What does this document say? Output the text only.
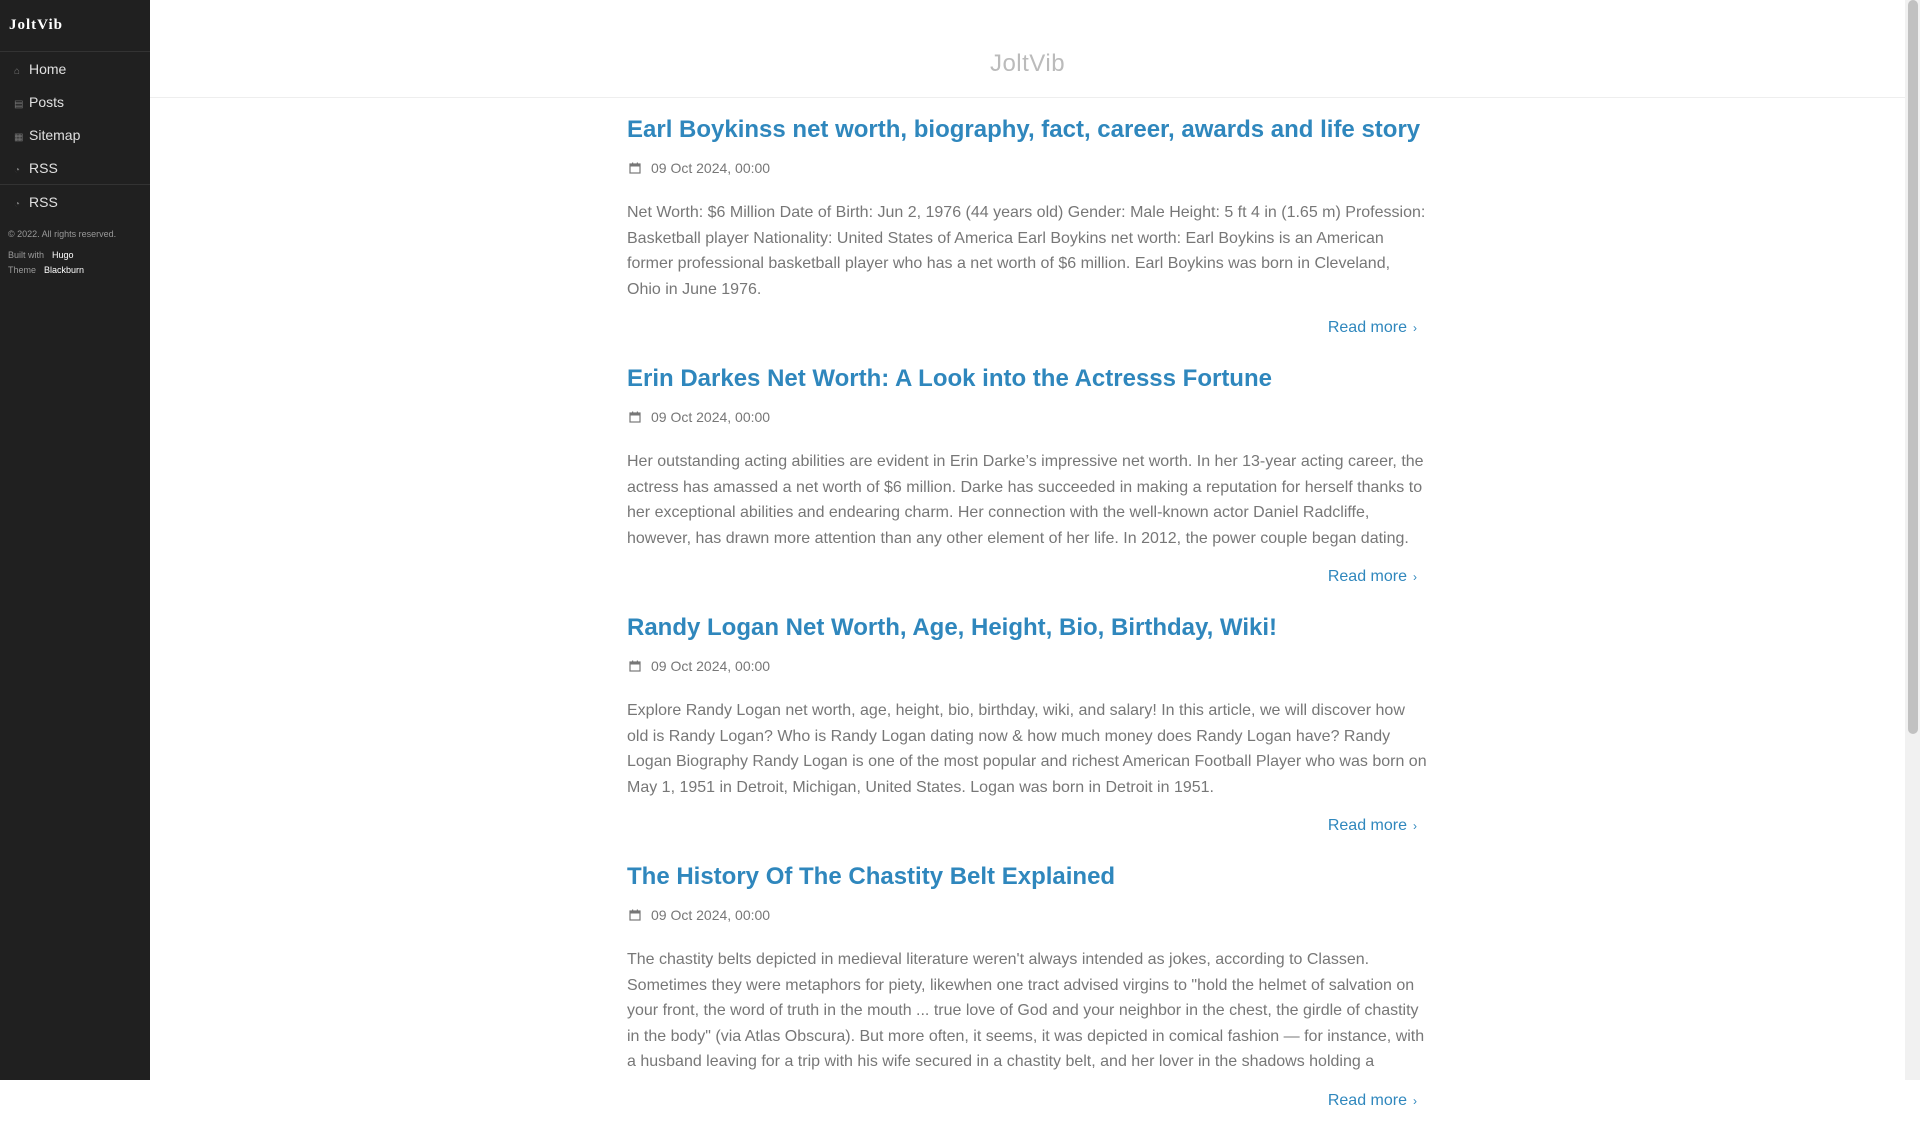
JoltVib
⌂ Home
▤ Posts
▦ Sitemap
◔ RSS
◔ RSS
© 2022. All rights reserved.
Built with Hugo
Theme Blackburn
JoltVib
Earl Boykinss net worth, biography, fact, career, awards and life story
09 Oct 2024, 00:00
Net Worth: $6 Million Date of Birth: Jun 2, 1976 (44 years old) Gender: Male Height: 5 ft 4 in (1.65 m) Profession: Basketball player Nationality: United States of America Earl Boykins net worth: Earl Boykins is an American former professional basketball player who has a net worth of $6 million. Earl Boykins was born in Cleveland, Ohio in June 1976.
Read more ›
Erin Darkes Net Worth: A Look into the Actresss Fortune
09 Oct 2024, 00:00
Her outstanding acting abilities are evident in Erin Darke’s impressive net worth. In her 13-year acting career, the actress has amassed a net worth of $6 million. Darke has succeeded in making a reputation for herself thanks to her exceptional abilities and endearing charm. Her connection with the well-known actor Daniel Radcliffe, however, has drawn more attention than any other element of her life. In 2012, the power couple began dating.
Read more ›
Randy Logan Net Worth, Age, Height, Bio, Birthday, Wiki!
09 Oct 2024, 00:00
Explore Randy Logan net worth, age, height, bio, birthday, wiki, and salary! In this article, we will discover how old is Randy Logan? Who is Randy Logan dating now & how much money does Randy Logan have? Randy Logan Biography Randy Logan is one of the most popular and richest American Football Player who was born on May 1, 1951 in Detroit, Michigan, United States. Logan was born in Detroit in 1951.
Read more ›
The History Of The Chastity Belt Explained
09 Oct 2024, 00:00
The chastity belts depicted in medieval literature weren't always intended as jokes, according to Classen. Sometimes they were metaphors for piety, likewhen one tract advised virgins to "hold the helmet of salvation on your front, the word of truth in the mouth ... true love of God and your neighbor in the chest, the girdle of chastity in the body" (via Atlas Obscura). But more often, it seems, it was depicted in comical fashion — for instance, with a husband leaving for a trip with his wife secured in a chastity belt, and her lover in the shadows holding a
Read more ›
